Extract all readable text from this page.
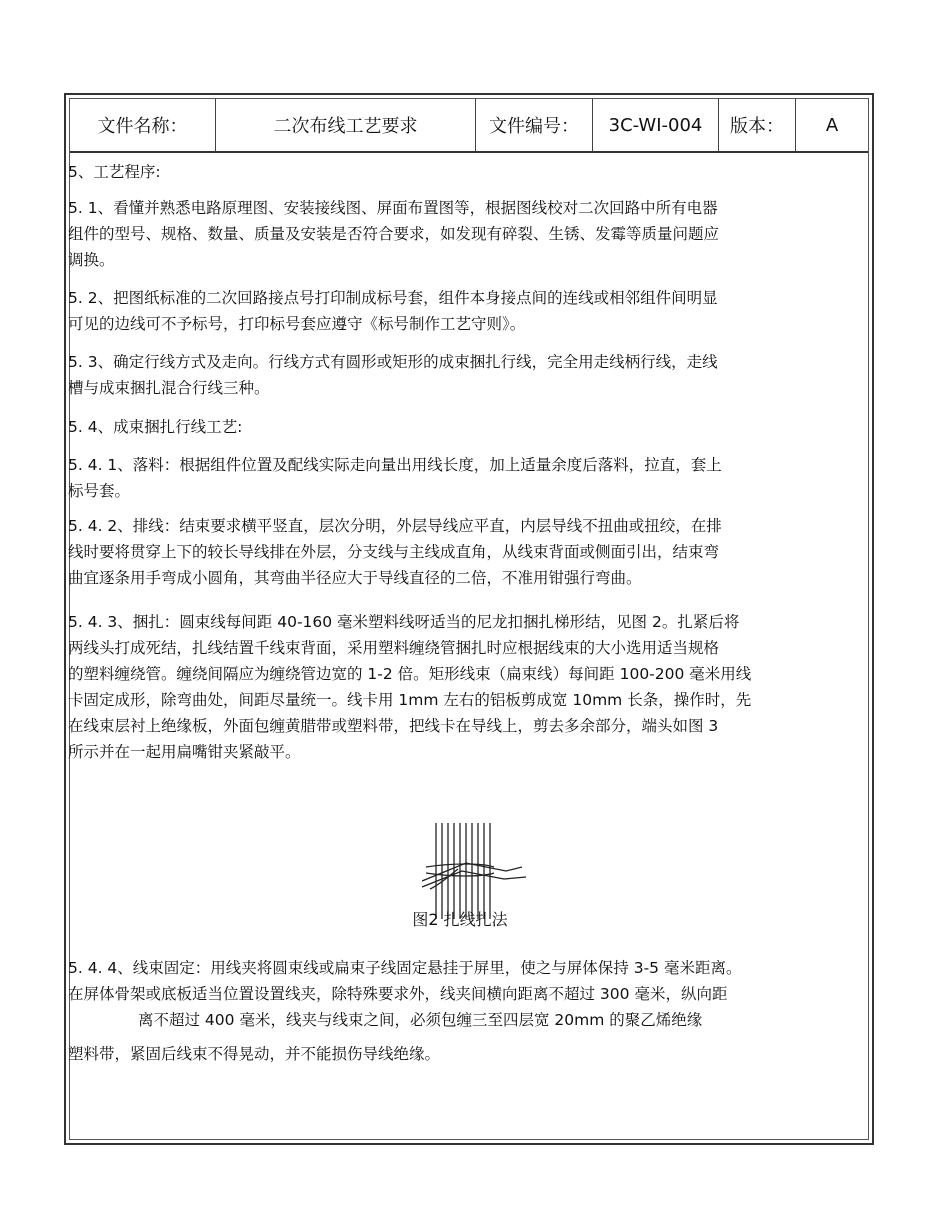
文件名称：	二次布线工艺要求	文件编号：	3C-WI-004	版本：	A
5、工艺程序:
5. 1、看懂并熟悉电路原理图、安装接线图、屏面布置图等，根据图线校对二次回路中所有电器
组件的型号、规格、数量、质量及安装是否符合要求，如发现有碎裂、生锈、发霉等质量问题应
调换。
5. 2、把图纸标准的二次回路接点号打印制成标号套，组件本身接点间的连线或相邻组件间明显
可见的边线可不予标号，打印标号套应遵守《标号制作工艺守则》。
5. 3、确定行线方式及走向。行线方式有圆形或矩形的成束捆扎行线，完全用走线柄行线，走线
槽与成束捆扎混合行线三种。
5. 4、成束捆扎行线工艺:
5. 4. 1、落料：根据组件位置及配线实际走向量出用线长度，加上适量余度后落料，拉直，套上
标号套。
5. 4. 2、排线：结束要求横平竖直，层次分明，外层导线应平直，内层导线不扭曲或扭绞，在排
线时要将贯穿上下的较长导线排在外层，分支线与主线成直角，从线束背面或侧面引出，结束弯
曲宜逐条用手弯成小圆角，其弯曲半径应大于导线直径的二倍，不准用钳强行弯曲。
5. 4. 3、捆扎：圆束线每间距 40-160 毫米塑料线呀适当的尼龙扣捆扎梯形结，见图 2。扎紧后将
两线头打成死结，扎线结置千线束背面，采用塑料缠绕管捆扎时应根据线束的大小选用适当规格
的塑料缠绕管。缠绕间隔应为缠绕管边宽的 1-2 倍。矩形线束（扁束线）每间距 100-200 毫米用线
卡固定成形，除弯曲处，间距尽量统一。线卡用 1mm 左右的铝板剪成宽 10mm 长条，操作时，先
在线束层衬上绝缘板，外面包缠黄腊带或塑料带，把线卡在导线上，剪去多余部分，端头如图 3
所示并在一起用扁嘴钳夹紧敲平。
图2 扎线扎法
5. 4. 4、线束固定：用线夹将圆束线或扁束子线固定悬挂于屏里，使之与屏体保持 3-5 毫米距离。
在屏体骨架或底板适当位置设置线夹，除特殊要求外，线夹间横向距离不超过 300 毫米，纵向距
离不超过 400 毫米，线夹与线束之间，必须包缠三至四层宽 20mm 的聚乙烯绝缘
塑料带，紧固后线束不得晃动，并不能损伤导线绝缘。
